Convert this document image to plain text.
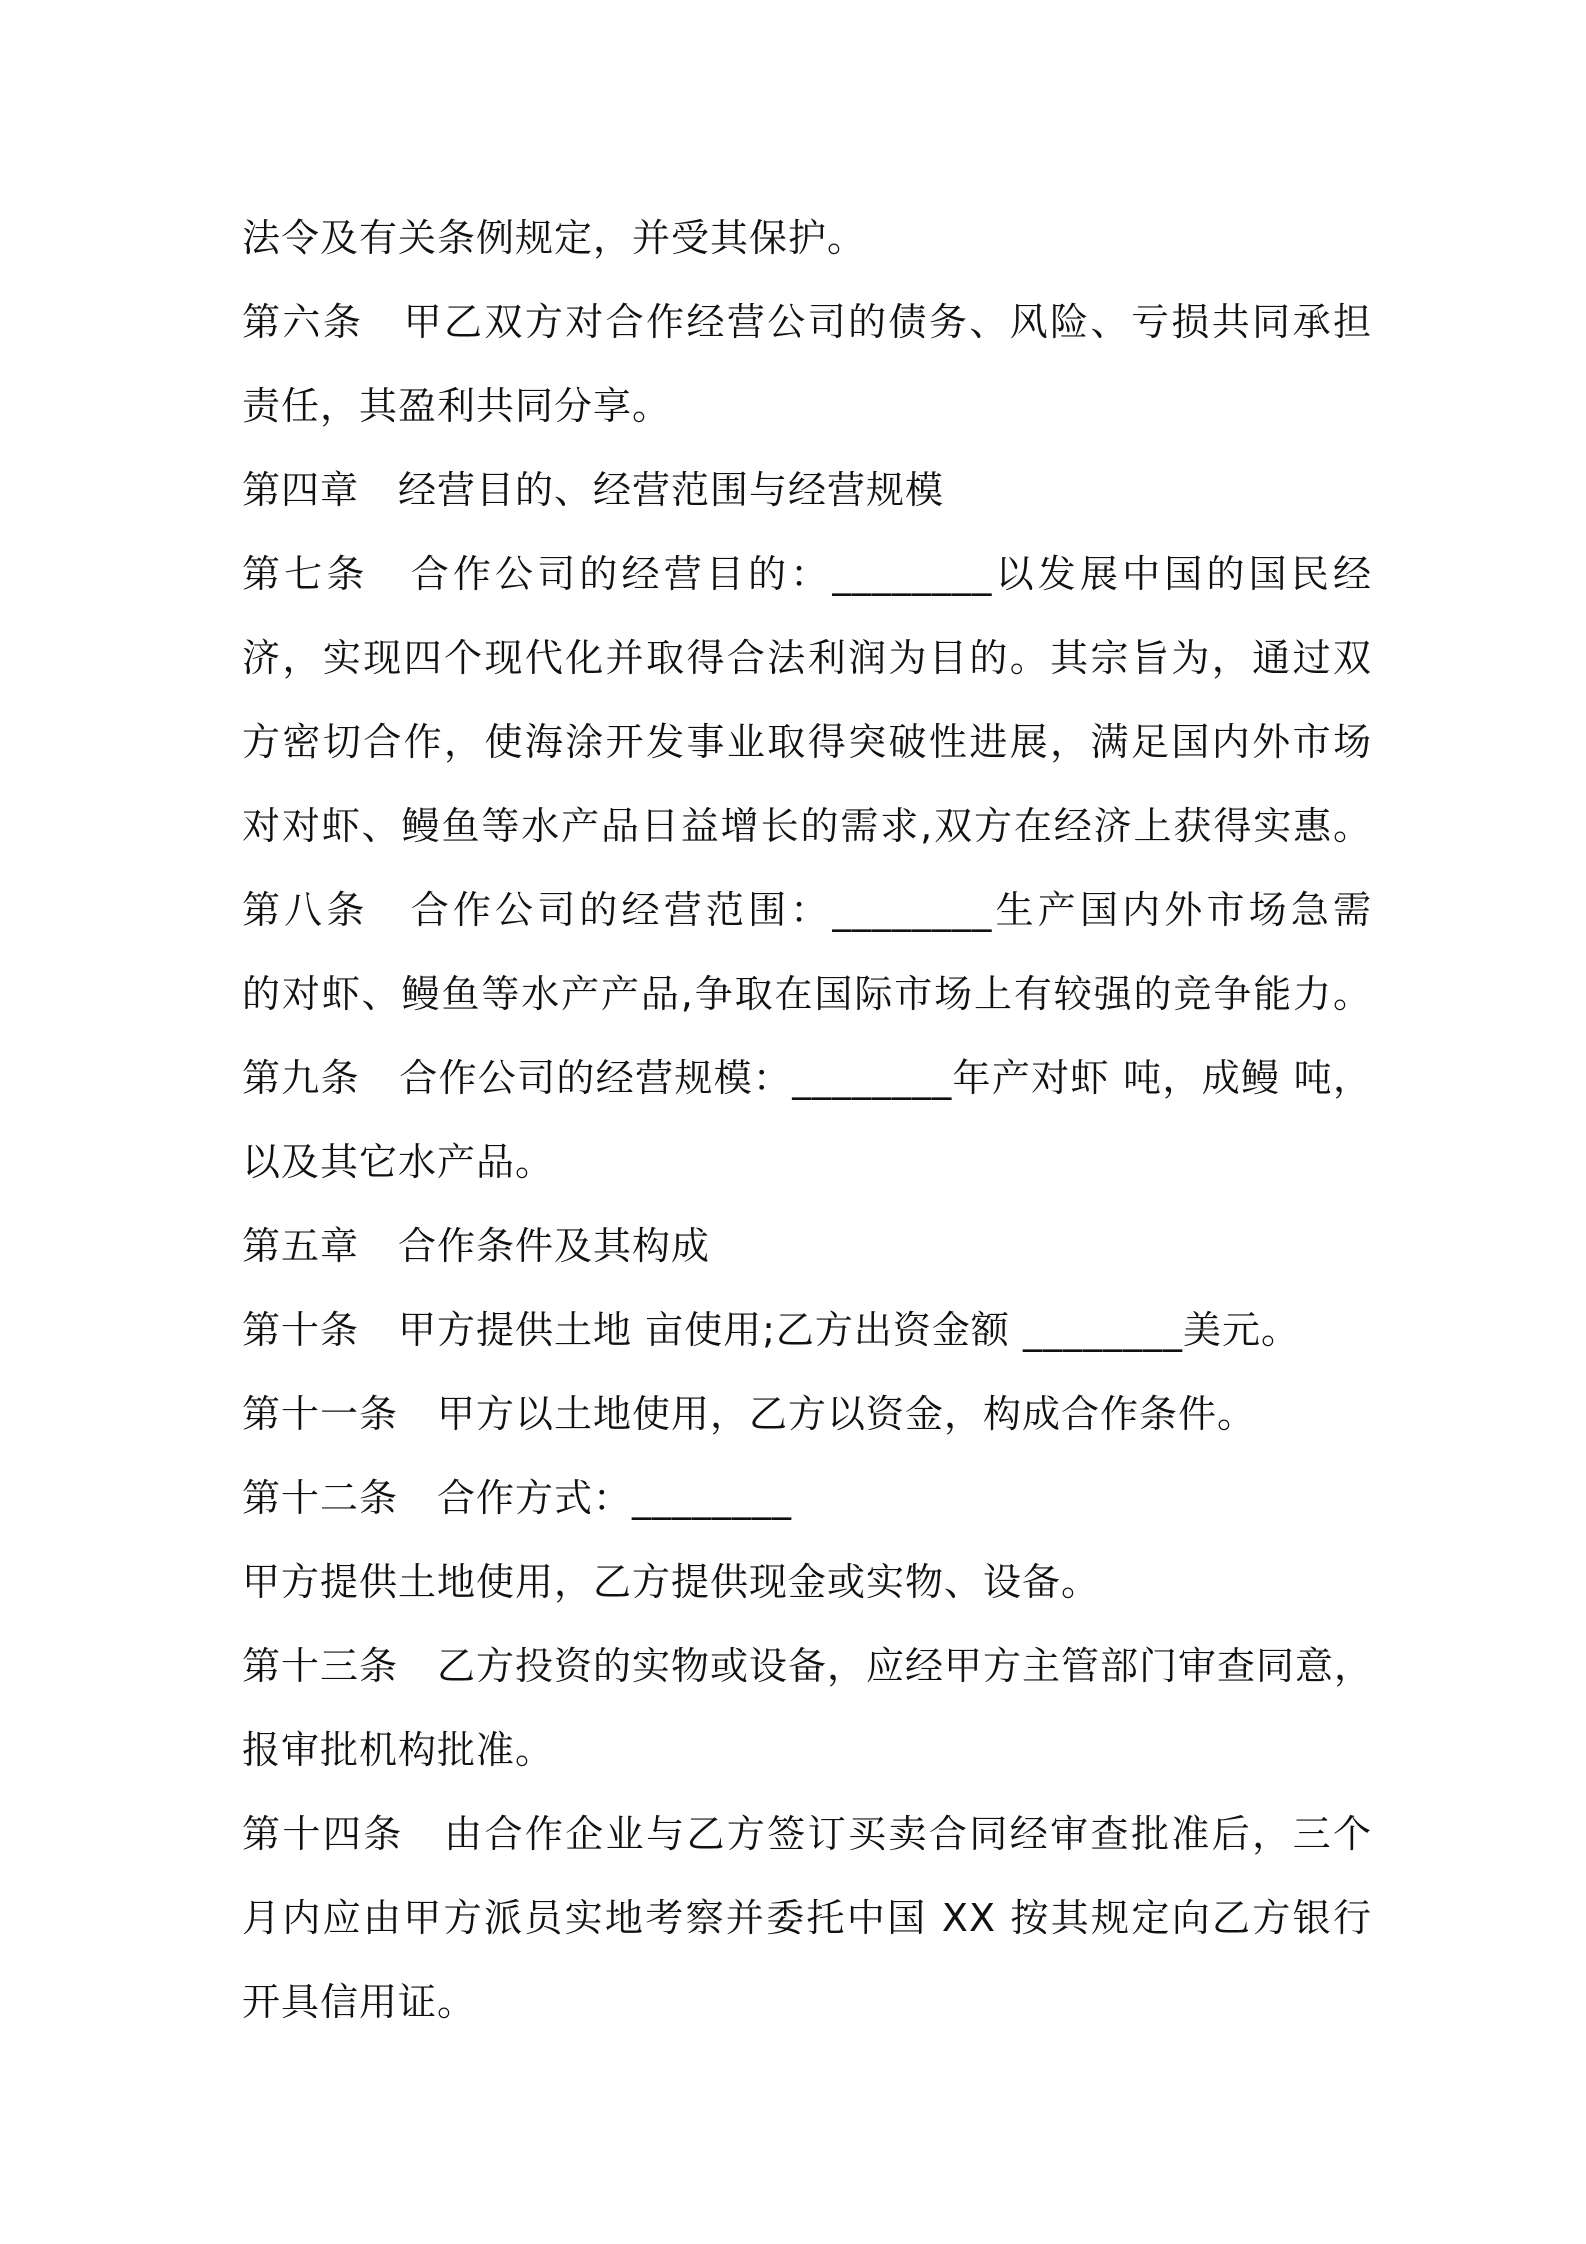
法令及有关条例规定，并受其保护。
第六条　甲乙双方对合作经营公司的债务、风险、亏损共同承担
责任，其盈利共同分享。
第四章　经营目的、经营范围与经营规模
第七条　合作公司的经营目的：________以发展中国的国民经
济，实现四个现代化并取得合法利润为目的。其宗旨为，通过双
方密切合作，使海涂开发事业取得突破性进展，满足国内外市场
对对虾、鳗鱼等水产品日益增长的需求,双方在经济上获得实惠。
第八条　合作公司的经营范围：________生产国内外市场急需
的对虾、鳗鱼等水产产品,争取在国际市场上有较强的竞争能力。
第九条　合作公司的经营规模：________年产对虾 吨，成鳗 吨，
以及其它水产品。
第五章　合作条件及其构成
第十条　甲方提供土地 亩使用;乙方出资金额 ________美元。
第十一条　甲方以土地使用，乙方以资金，构成合作条件。
第十二条　合作方式：________
甲方提供土地使用，乙方提供现金或实物、设备。
第十三条　乙方投资的实物或设备，应经甲方主管部门审查同意，
报审批机构批准。
第十四条　由合作企业与乙方签订买卖合同经审查批准后，三个
月内应由甲方派员实地考察并委托中国 XX 按其规定向乙方银行
开具信用证。
